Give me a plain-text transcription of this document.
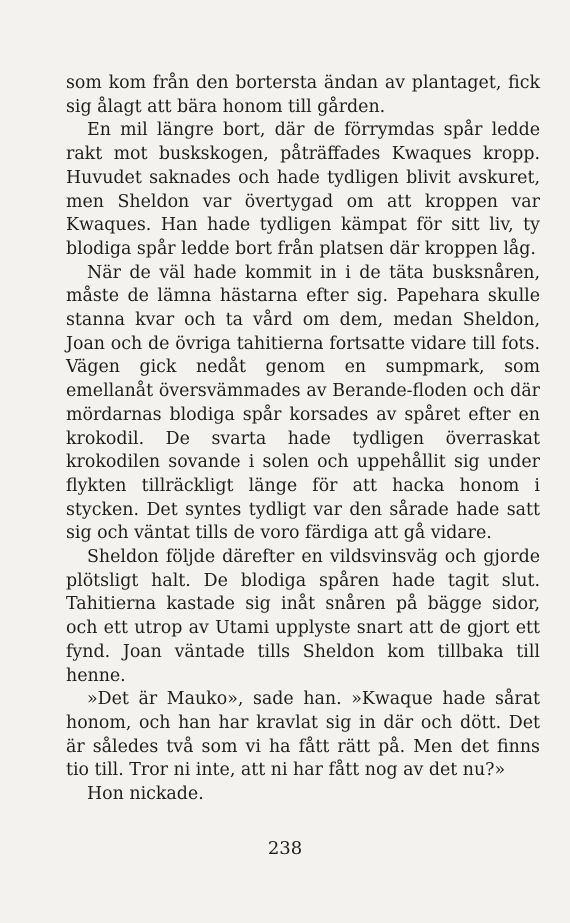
som kom från den bortersta ändan av plantaget, fick sig ålagt att bära honom till gården.

En mil längre bort, där de förrymdas spår ledde rakt mot buskskogen, påträffades Kwaques kropp. Huvudet saknades och hade tydligen blivit avskuret, men Sheldon var övertygad om att kroppen var Kwaques. Han hade tydligen kämpat för sitt liv, ty blodiga spår ledde bort från platsen där kroppen låg.

När de väl hade kommit in i de täta busksnåren, måste de lämna hästarna efter sig. Papehara skulle stanna kvar och ta vård om dem, medan Sheldon, Joan och de övriga tahitierna fortsatte vidare till fots. Vägen gick nedåt genom en sumpmark, som emellanåt översvämmades av Berande-floden och där mördarnas blodiga spår korsades av spåret efter en krokodil. De svarta hade tydligen överraskat krokodilen sovande i solen och uppehållit sig under flykten tillräckligt länge för att hacka honom i stycken. Det syntes tydligt var den sårade hade satt sig och väntat tills de voro färdiga att gå vidare.

Sheldon följde därefter en vildsvinsväg och gjorde plötsligt halt. De blodiga spåren hade tagit slut. Tahitierna kastade sig inåt snåren på bägge sidor, och ett utrop av Utami upplyste snart att de gjort ett fynd. Joan väntade tills Sheldon kom tillbaka till henne.

»Det är Mauko», sade han. »Kwaque hade sårat honom, och han har kravlat sig in där och dött. Det är således två som vi ha fått rätt på. Men det finns tio till. Tror ni inte, att ni har fått nog av det nu?»

Hon nickade.

238
